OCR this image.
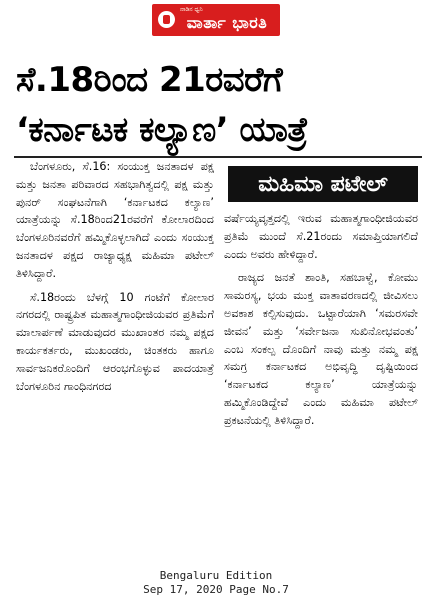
ನಾಡಿನ ಧ್ವನಿ
ವಾರ್ತಾ ಭಾರತಿ
ಸೆ.18ರಿಂದ 21ರವರೆಗೆ
‘ಕರ್ನಾಟಕ ಕಲ್ಯಾಣ’ ಯಾತ್ರೆ

ಬೆಂಗಳೂರು, ಸೆ.16: ಸಂಯುಕ್ತ ಜನತಾದಳ ಪಕ್ಷ ಮತ್ತು ಜನತಾ ಪರಿವಾರದ ಸಹಭಾಗಿತ್ವದಲ್ಲಿ ಪಕ್ಷ ಮತ್ತು ಪುನರ್ ಸಂಘಟನೆಗಾಗಿ ‘ಕರ್ನಾಟಕದ ಕಲ್ಯಾಣ’ ಯಾತ್ರೆಯನ್ನು ಸೆ.18ರಿಂದ21ರವರೆಗೆ ಕೋಲಾರದಿಂದ ಬೆಂಗಳೂರಿನವರೆಗೆ ಹಮ್ಮಿಕೊಳ್ಳಲಾಗಿದೆ ಎಂದು ಸಂಯುಕ್ತ ಜನತಾದಳ ಪಕ್ಷದ ರಾಜ್ಯಾಧ್ಯಕ್ಷ ಮಹಿಮಾ ಪಟೇಲ್ ತಿಳಿಸಿದ್ದಾರೆ.

ಸೆ.18ರಂದು ಬೆಳಗ್ಗೆ 10 ಗಂಟೆಗೆ ಕೋಲಾರ ನಗರದಲ್ಲಿ ರಾಷ್ಟ್ರಪಿತ ಮಹಾತ್ಮಗಾಂಧೀಜಿಯವರ ಪ್ರತಿಮೆಗೆ ಮಾಲಾರ್ಪಣೆ ಮಾಡುವುದರ ಮುಖಾಂತರ ನಮ್ಮ ಪಕ್ಷದ ಕಾರ್ಯಕರ್ತರು, ಮುಖಂಡರು, ಚಿಂತಕರು ಹಾಗೂ ಸಾರ್ವಜನಿಕರೊಂದಿಗೆ ಆರಂಭಗೊಳ್ಳುವ ಪಾದಯಾತ್ರೆ ಬೆಂಗಳೂರಿನ ಗಾಂಧಿನಗರದ

ಮಹಿಮಾ ಪಟೇಲ್

ವರ್ಷೆಯ್ಯವೃತ್ತದಲ್ಲಿ ಇರುವ ಮಹಾತ್ಮಗಾಂಧೀಜಿಯವರ ಪ್ರತಿಮೆ ಮುಂದೆ ಸೆ.21ರಂದು ಸಮಾಪ್ತಿಯಾಗಲಿದೆ ಎಂದು ಅವರು ಹೇಳಿದ್ದಾರೆ.

ರಾಜ್ಯದ ಜನತೆ ಶಾಂತಿ, ಸಹಬಾಳ್ವೆ, ಕೋಮು ಸಾಮರಸ್ಯ, ಭಯ ಮುಕ್ತ ವಾತಾವರಣದಲ್ಲಿ ಜೀವಿಸಲು ಅವಕಾಶ ಕಲ್ಪಿಸುವುದು. ಒಟ್ಟಾರೆಯಾಗಿ ‘ಸಮರಸವೇ ಜೀವನ’ ಮತ್ತು ‘ಸರ್ವೇಜನಾ ಸುಖಿನೋಭವಂತು’ ಎಂಬ ಸಂಕಲ್ಪ ದೊಂದಿಗೆ ನಾವು ಮತ್ತು ನಮ್ಮ ಪಕ್ಷ ಸಮಗ್ರ ಕರ್ನಾಟಕದ ಅಭಿವೃದ್ಧಿ ದೃಷ್ಟಿಯಿಂದ ‘ಕರ್ನಾಟಕದ ಕಲ್ಯಾಣ’ ಯಾತ್ರೆಯನ್ನು ಹಮ್ಮಿಕೊಂಡಿದ್ದೇವೆ ಎಂದು ಮಹಿಮಾ ಪಟೇಲ್ ಪ್ರಕಟನೆಯಲ್ಲಿ ತಿಳಿಸಿದ್ದಾರೆ.

Bengaluru Edition
Sep 17, 2020 Page No.7
